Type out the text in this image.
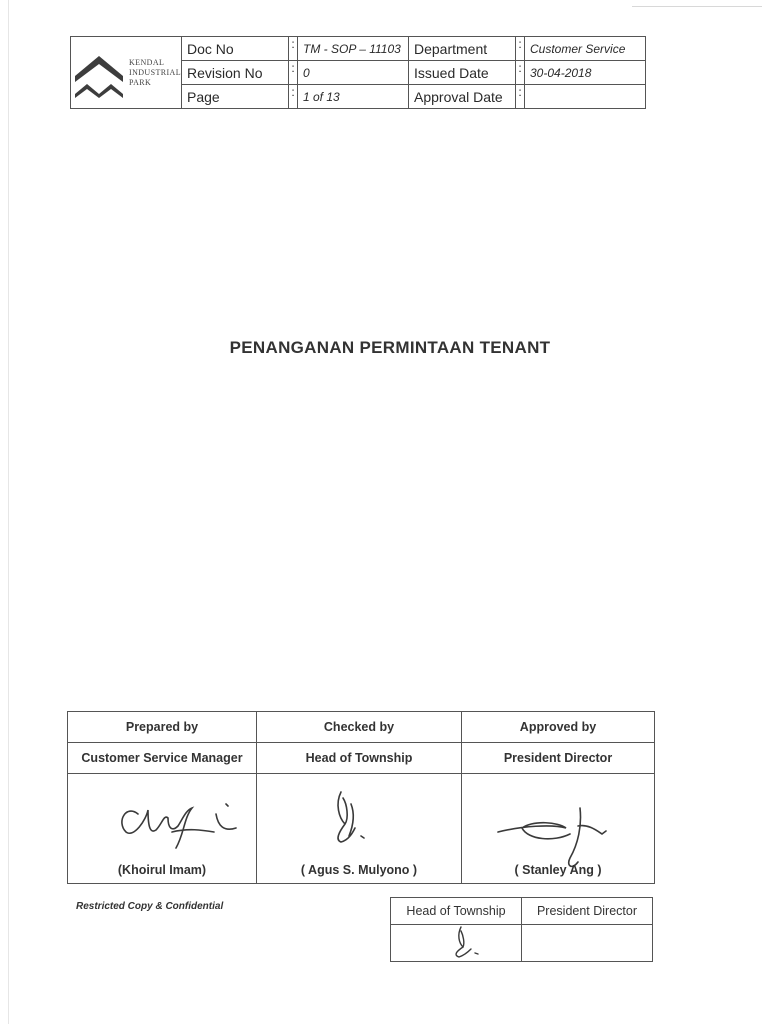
KENDAL
INDUSTRIAL
PARK	Doc No	:	TM - SOP – 11103	Department	:	Customer Service
	Revision No	:	0	Issued Date	:	30-04-2018
	Page	:	1 of 13	Approval Date	:	
PENANGANAN PERMINTAAN TENANT
Prepared by	Checked by	Approved by
Customer Service Manager	Head of Township	President Director

(Khoirul Imam)	( Agus S. Mulyono )	( Stanley Ang )
Restricted Copy & Confidential	Head of Township	President Director
